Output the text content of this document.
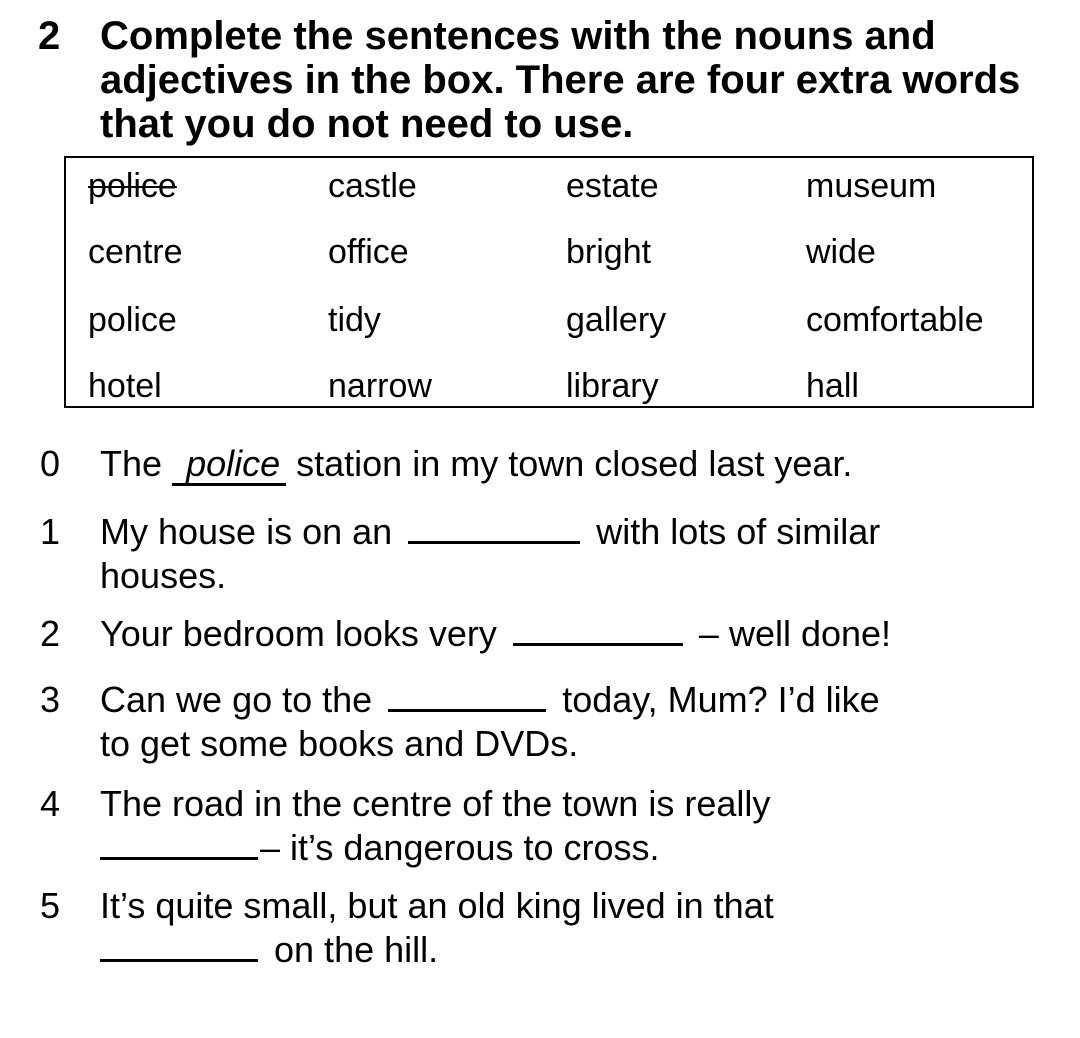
2 Complete the sentences with the nouns and adjectives in the box. There are four extra words that you do not need to use.
police	castle	estate	museum
centre	office	bright	wide
police	tidy	gallery	comfortable
hotel	narrow	library	hall
0 The police station in my town closed last year.
1 My house is on an	with lots of similar
houses.
2 Your bedroom looks very	– well done!
3 Can we go to the	today, Mum? I’d like
to get some books and DVDs.
4 The road in the centre of the town is really
– it’s dangerous to cross.
5 It’s quite small, but an old king lived in that
on the hill.
